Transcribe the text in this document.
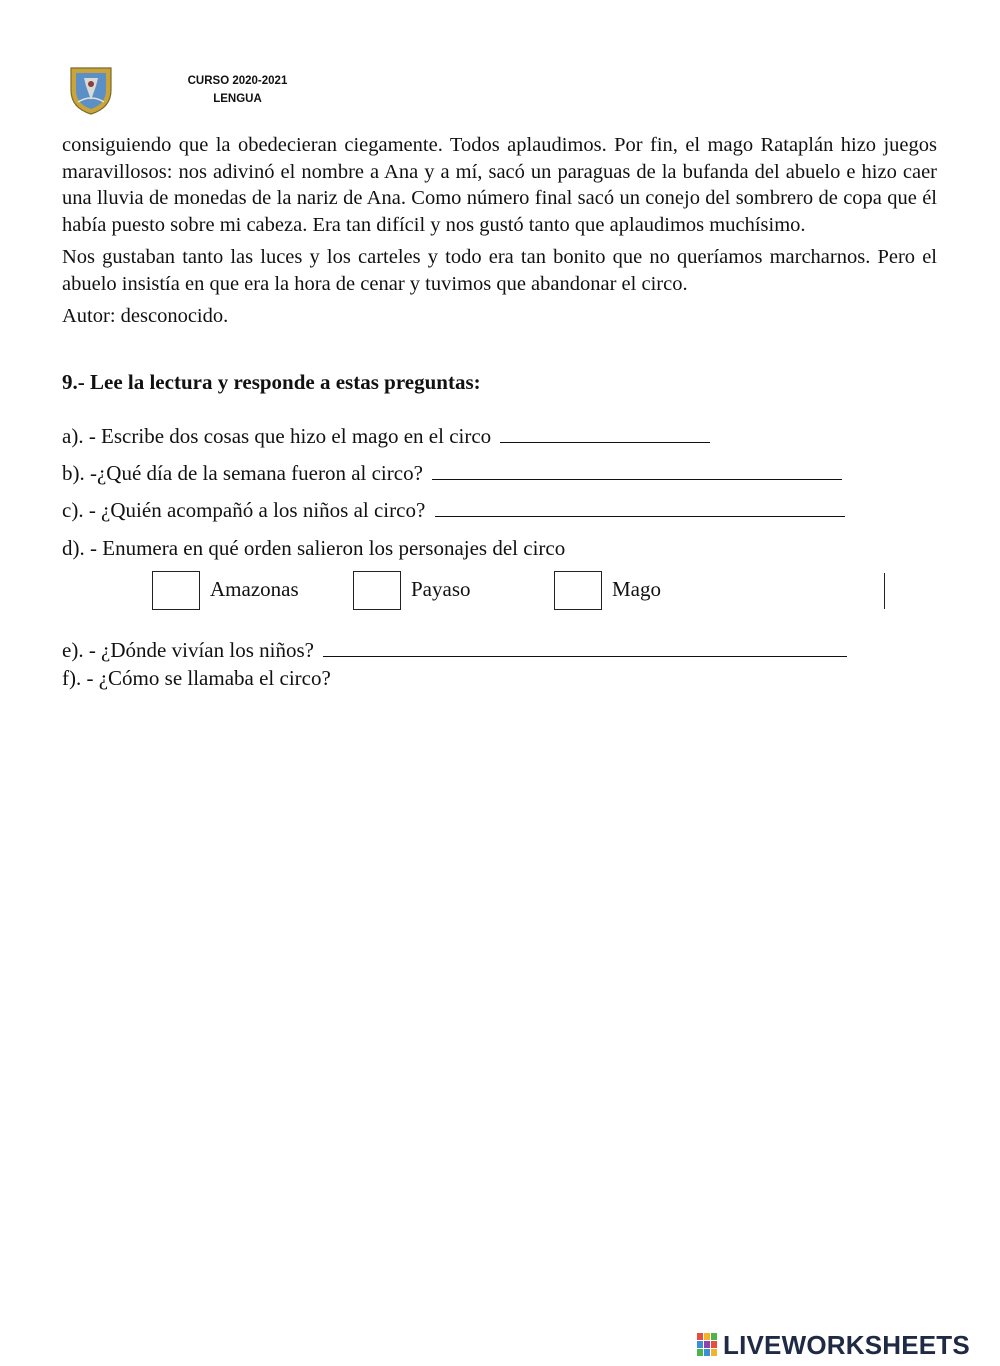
CURSO 2020-2021
LENGUA

consiguiendo que la obedecieran ciegamente. Todos aplaudimos. Por fin, el mago Rataplán hizo juegos maravillosos: nos adivinó el nombre a Ana y a mí, sacó un paraguas de la bufanda del abuelo e hizo caer una lluvia de monedas de la nariz de Ana. Como número final sacó un conejo del sombrero de copa que él había puesto sobre mi cabeza. Era tan difícil y nos gustó tanto que aplaudimos muchísimo.

Nos gustaban tanto las luces y los carteles y todo era tan bonito que no queríamos marcharnos. Pero el abuelo insistía en que era la hora de cenar y tuvimos que abandonar el circo.

Autor: desconocido.

9.- Lee la lectura y responde a estas preguntas:
a). - Escribe dos cosas que hizo el mago en el circo
b). -¿Qué día de la semana fueron al circo?
c). - ¿Quién acompañó a los niños al circo?
d). - Enumera en qué orden salieron los personajes del circo
Amazonas	Payaso	Mago
e). - ¿Dónde vivían los niños?
f). - ¿Cómo se llamaba el circo?
LIVEWORKSHEETS
